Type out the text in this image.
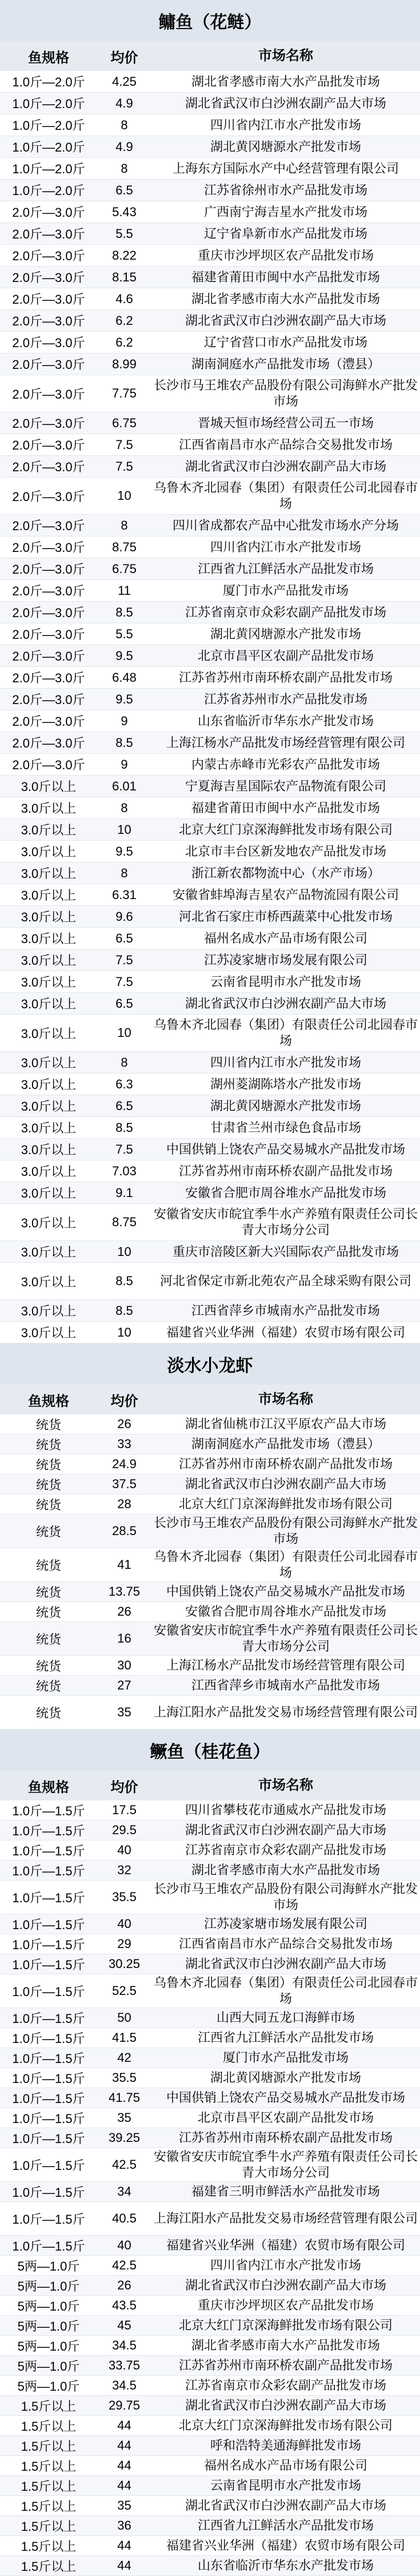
鳙鱼（花鲢）
鱼规格	均价	市场名称
1.0斤—2.0斤	4.25	湖北省孝感市南大水产品批发市场
1.0斤—2.0斤	4.9	湖北省武汉市白沙洲农副产品大市场
1.0斤—2.0斤	8	四川省内江市水产批发市场
1.0斤—2.0斤	4.9	湖北黄冈塘源水产批发市场
1.0斤—2.0斤	8	上海东方国际水产中心经营管理有限公司
1.0斤—2.0斤	6.5	江苏省徐州市水产品批发市场
2.0斤—3.0斤	5.43	广西南宁海吉星水产批发市场
2.0斤—3.0斤	5.5	辽宁省阜新市水产品批发市场
2.0斤—3.0斤	8.22	重庆市沙坪坝区农产品批发市场
2.0斤—3.0斤	8.15	福建省莆田市闽中水产品批发市场
2.0斤—3.0斤	4.6	湖北省孝感市南大水产品批发市场
2.0斤—3.0斤	6.2	湖北省武汉市白沙洲农副产品大市场
2.0斤—3.0斤	6.2	辽宁省营口市水产品批发市场
2.0斤—3.0斤	8.99	湖南洞庭水产品批发市场（澧县）
2.0斤—3.0斤	7.75
长沙市马王堆农产品股份有限公司海鲜水产批发市场
2.0斤—3.0斤	6.75	晋城天恒市场经营公司五一市场
2.0斤—3.0斤	7.5	江西省南昌市水产品综合交易批发市场
2.0斤—3.0斤	7.5	湖北省武汉市白沙洲农副产品大市场
2.0斤—3.0斤	10
乌鲁木齐北园春（集团）有限责任公司北园春市场
2.0斤—3.0斤	8	四川省成都农产品中心批发市场水产分场
2.0斤—3.0斤	8.75	四川省内江市水产批发市场
2.0斤—3.0斤	6.75	江西省九江鲜活水产品批发市场
2.0斤—3.0斤	11	厦门市水产品批发市场
2.0斤—3.0斤	8.5	江苏省南京市众彩农副产品批发市场
2.0斤—3.0斤	5.5	湖北黄冈塘源水产批发市场
2.0斤—3.0斤	9.5	北京市昌平区农副产品批发市场
2.0斤—3.0斤	6.48	江苏省苏州市南环桥农副产品批发市场
2.0斤—3.0斤	9.5	江苏省苏州市水产品批发市场
2.0斤—3.0斤	9	山东省临沂市华东水产批发市场
2.0斤—3.0斤	8.5	上海江杨水产品批发市场经营管理有限公司
2.0斤—3.0斤	9	内蒙古赤峰市光彩农产品批发市场
3.0斤以上	6.01	宁夏海吉星国际农产品物流有限公司
3.0斤以上	8	福建省莆田市闽中水产品批发市场
3.0斤以上	10	北京大红门京深海鲜批发市场有限公司
3.0斤以上	9.5	北京市丰台区新发地农产品批发市场
3.0斤以上	8	浙江新农都物流中心（水产市场）
3.0斤以上	6.31	安徽省蚌埠海吉星农产品物流园有限公司
3.0斤以上	9.6	河北省石家庄市桥西蔬菜中心批发市场
3.0斤以上	6.5	福州名成水产品市场有限公司
3.0斤以上	7.5	江苏凌家塘市场发展有限公司
3.0斤以上	7.5	云南省昆明市水产批发市场
3.0斤以上	6.5	湖北省武汉市白沙洲农副产品大市场
3.0斤以上	10
乌鲁木齐北园春（集团）有限责任公司北园春市场
3.0斤以上	8	四川省内江市水产批发市场
3.0斤以上	6.3	湖州菱湖陈塔水产批发市场
3.0斤以上	6.5	湖北黄冈塘源水产批发市场
3.0斤以上	8.5	甘肃省兰州市绿色食品市场
3.0斤以上	7.5	中国供销上饶农产品交易城水产品批发市场
3.0斤以上	7.03	江苏省苏州市南环桥农副产品批发市场
3.0斤以上	9.1	安徽省合肥市周谷堆水产品批发市场
3.0斤以上	8.75
安徽省安庆市皖宜季牛水产养殖有限责任公司长青大市场分公司
3.0斤以上	10	重庆市涪陵区新大兴国际农产品批发市场
3.0斤以上	8.5	河北省保定市新北苑农产品全球采购有限公司
3.0斤以上	8.5	江西省萍乡市城南水产品批发市场
3.0斤以上	10	福建省兴业华洲（福建）农贸市场有限公司
淡水小龙虾
鱼规格	均价	市场名称
统货	26	湖北省仙桃市江汉平原农产品大市场
统货	33	湖南洞庭水产品批发市场（澧县）
统货	24.9	江苏省苏州市南环桥农副产品批发市场
统货	37.5	湖北省武汉市白沙洲农副产品大市场
统货	28	北京大红门京深海鲜批发市场有限公司
统货	28.5
长沙市马王堆农产品股份有限公司海鲜水产批发市场
统货	41
乌鲁木齐北园春（集团）有限责任公司北园春市场
统货	13.75	中国供销上饶农产品交易城水产品批发市场
统货	26	安徽省合肥市周谷堆水产品批发市场
统货	16
安徽省安庆市皖宜季牛水产养殖有限责任公司长青大市场分公司
统货	30	上海江杨水产品批发市场经营管理有限公司
统货	27	江西省萍乡市城南水产品批发市场
统货	35	上海江阳水产品批发交易市场经营管理有限公司
鳜鱼（桂花鱼）
鱼规格	均价	市场名称
1.0斤—1.5斤	17.5	四川省攀枝花市通威水产品批发市场
1.0斤—1.5斤	29.5	湖北省武汉市白沙洲农副产品大市场
1.0斤—1.5斤	40	江苏省南京市众彩农副产品批发市场
1.0斤—1.5斤	32	湖北省孝感市南大水产品批发市场
1.0斤—1.5斤	35.5
长沙市马王堆农产品股份有限公司海鲜水产批发市场
1.0斤—1.5斤	40	江苏凌家塘市场发展有限公司
1.0斤—1.5斤	29	江西省南昌市水产品综合交易批发市场
1.0斤—1.5斤	30.25	湖北省武汉市白沙洲农副产品大市场
1.0斤—1.5斤	52.5
乌鲁木齐北园春（集团）有限责任公司北园春市场
1.0斤—1.5斤	50	山西大同五龙口海鲜市场
1.0斤—1.5斤	41.5	江西省九江鲜活水产品批发市场
1.0斤—1.5斤	42	厦门市水产品批发市场
1.0斤—1.5斤	35.5	湖北黄冈塘源水产批发市场
1.0斤—1.5斤	41.75	中国供销上饶农产品交易城水产品批发市场
1.0斤—1.5斤	35	北京市昌平区农副产品批发市场
1.0斤—1.5斤	39.25	江苏省苏州市南环桥农副产品批发市场
1.0斤—1.5斤	42.5
安徽省安庆市皖宜季牛水产养殖有限责任公司长青大市场分公司
1.0斤—1.5斤	34	福建省三明市鲜活水产品批发市场
1.0斤—1.5斤	40.5	上海江阳水产品批发交易市场经营管理有限公司
1.0斤—1.5斤	40	福建省兴业华洲（福建）农贸市场有限公司
5两—1.0斤	42.5	四川省内江市水产批发市场
5两—1.0斤	26	湖北省武汉市白沙洲农副产品大市场
5两—1.0斤	43.5	重庆市沙坪坝区农产品批发市场
5两—1.0斤	45	北京大红门京深海鲜批发市场有限公司
5两—1.0斤	34.5	湖北省孝感市南大水产品批发市场
5两—1.0斤	33.75	江苏省苏州市南环桥农副产品批发市场
5两—1.0斤	34.5	江苏省南京市众彩农副产品批发市场
1.5斤以上	29.75	湖北省武汉市白沙洲农副产品大市场
1.5斤以上	44	北京大红门京深海鲜批发市场有限公司
1.5斤以上	44	呼和浩特美通海鲜批发市场
1.5斤以上	44	福州名成水产品市场有限公司
1.5斤以上	44	云南省昆明市水产批发市场
1.5斤以上	35	湖北省武汉市白沙洲农副产品大市场
1.5斤以上	36	江西省九江鲜活水产品批发市场
1.5斤以上	44	福建省兴业华洲（福建）农贸市场有限公司
1.5斤以上	44	山东省临沂市华东水产批发市场
